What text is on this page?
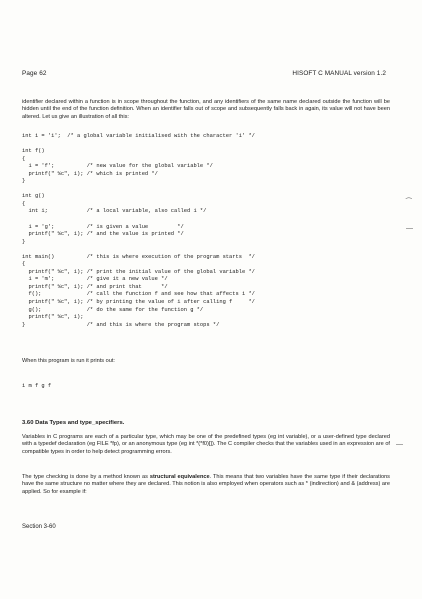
Page 62	HISOFT C MANUAL version 1.2

identifier declared within a function is in scope throughout the function, and any identifiers of the same name declared outside the function will be hidden until the end of the function definition. When an identifier falls out of scope and subsequently falls back in again, its value will not have been altered. Let us give an illustration of all this:

int i = 'i';  /* a global variable initialised with the character 'i' */

int f()
{
i = 'f';          /* new value for the global variable */
printf(" %c", i); /* which is printed */
}

int g()
{
int i;            /* a local variable, also called i */

i = 'g';          /* is given a value         */
printf(" %c", i); /* and the value is printed */
}

int main()          /* this is where execution of the program starts  */
{
printf(" %c", i); /* print the initial value of the global variable */
i = 'm';          /* give it a new value */
printf(" %c", i); /* and print that      */
f();              /* call the function f and see how that affects i */
printf(" %c", i); /* by printing the value of i after calling f     */
g();              /* do the same for the function g */
printf(" %c", i);
}                   /* and this is where the program stops */

When this program is run it prints out:

i m f g f
3.60 Data Types and type_specifiers.

Variables in C programs are each of a particular type, which may be one of the predefined types (eg int variable), or a user-defined type declared with a typedef declaration (eg FILE *fp), or an anonymous type (eg int *(*f0)[]). The C compiler checks that the variables used in an expression are of compatible types in order to help detect programming errors.

The type checking is done by a method known as structural equivalence. This means that two variables have the same type if their declarations have the same structure no matter where they are declared. This notion is also employed when operators such as * (indirection) and & (address) are applied. So for example if:

Section 3-60
⁔
—
—
